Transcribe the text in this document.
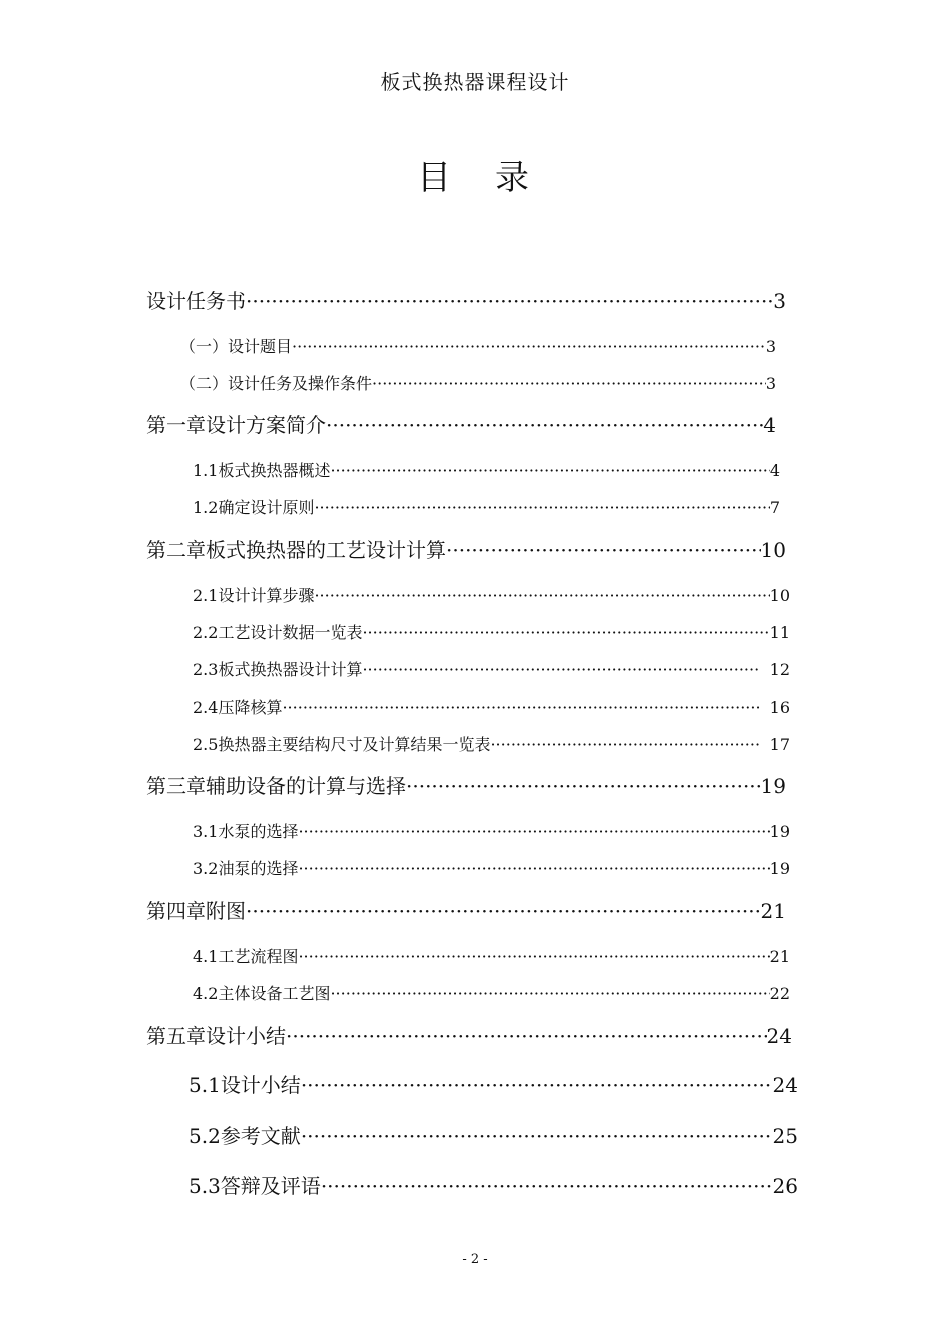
板式换热器课程设计
目 录
设计任务书 ·····	3
（一） 设计题目 ·····	3
（二） 设计任务及操作条件 ·····	3
第一章 设计方案简介 ·····	4
1.1 板式换热器概述 ·····	4
1.2 确定设计原则 ·····	7
第二章 板式换热器的工艺设计计算 ·····	10
2.1 设计计算步骤 ·····	10
2.2 工艺设计数据一览表 ·····	11
2.3 板式换热器设计计算 ·····	12
2.4 压降核算 ·····	16
2.5 换热器主要结构尺寸及计算结果一览表 ·····	17
第三章 辅助设备的计算与选择 ·····	19
3.1 水泵的选择 ·····	19
3.2 油泵的选择 ·····	19
第四章 附图 ·····	21
4.1 工艺流程图 ·····	21
4.2 主体设备工艺图 ·····	22
第五章 设计小结 ·····	24
5.1 设计小结 ·····	24
5.2 参考文献 ·····	25
5.3 答辩及评语 ·····	26
- 2 -
